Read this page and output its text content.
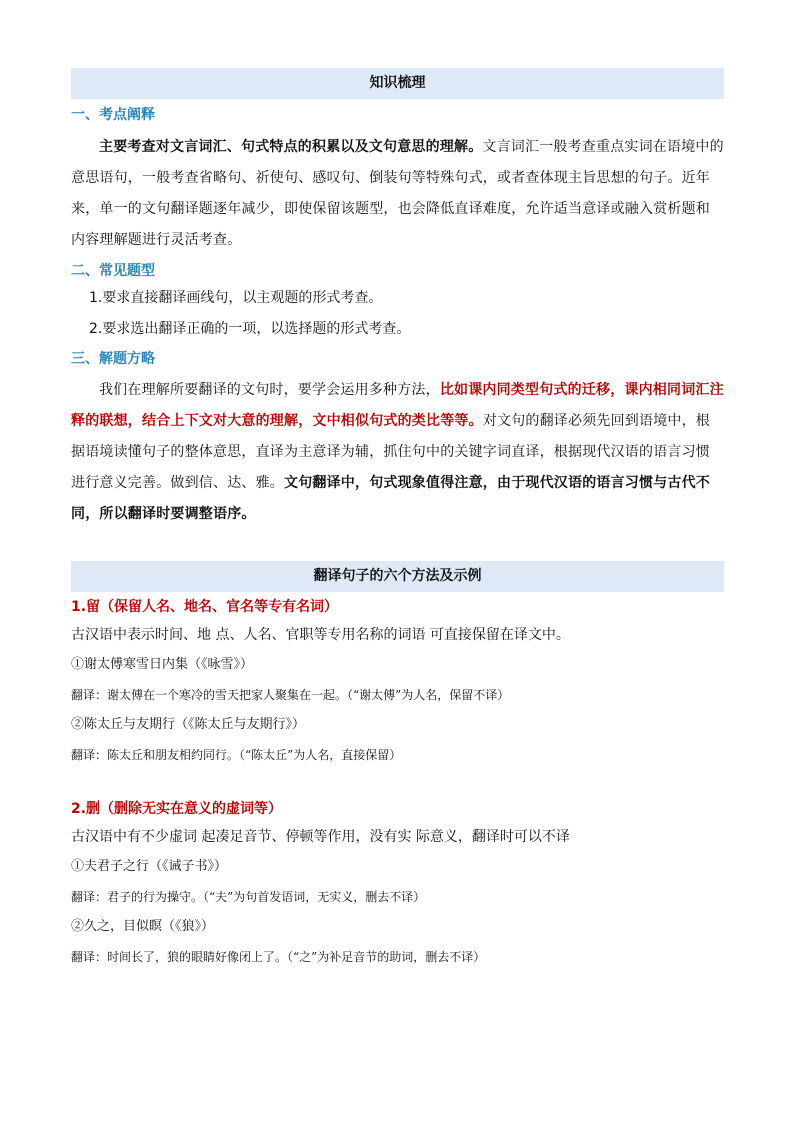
知识梳理
一、考点阐释
主要考查对文言词汇、句式特点的积累以及文句意思的理解。文言词汇一般考查重点实词在语境中的意思语句，一般考查省略句、祈使句、感叹句、倒装句等特殊句式，或者查体现主旨思想的句子。近年来，单一的文句翻译题逐年减少，即使保留该题型，也会降低直译难度，允许适当意译或融入赏析题和内容理解题进行灵活考查。
二、常见题型
1.要求直接翻译画线句，以主观题的形式考查。
2.要求选出翻译正确的一项，以选择题的形式考查。
三、解题方略
我们在理解所要翻译的文句时，要学会运用多种方法，比如课内同类型句式的迁移，课内相同词汇注释的联想，结合上下文对大意的理解，文中相似句式的类比等等。对文句的翻译必须先回到语境中，根据语境读懂句子的整体意思，直译为主意译为辅，抓住句中的关键字词直译，根据现代汉语的语言习惯进行意义完善。做到信、达、雅。文句翻译中，句式现象值得注意，由于现代汉语的语言习惯与古代不同，所以翻译时要调整语序。
翻译句子的六个方法及示例
1.留（保留人名、地名、官名等专有名词）
古汉语中表示时间、地 点、人名、官职等专用名称的词语 可直接保留在译文中。
①谢太傅寒雪日内集（《咏雪》）
翻译：谢太傅在一个寒冷的雪天把家人聚集在一起。（“谢太傅”为人名，保留不译）
②陈太丘与友期行（《陈太丘与友期行》）
翻译：陈太丘和朋友相约同行。（“陈太丘”为人名，直接保留）
2.删（删除无实在意义的虚词等）
古汉语中有不少虚词 起凑足音节、停顿等作用，没有实 际意义，翻译时可以不译
①夫君子之行（《诫子书》）
翻译：君子的行为操守。（“夫”为句首发语词，无实义，删去不译）
②久之，目似瞑（《狼》）
翻译：时间长了，狼的眼睛好像闭上了。（“之”为补足音节的助词，删去不译）
